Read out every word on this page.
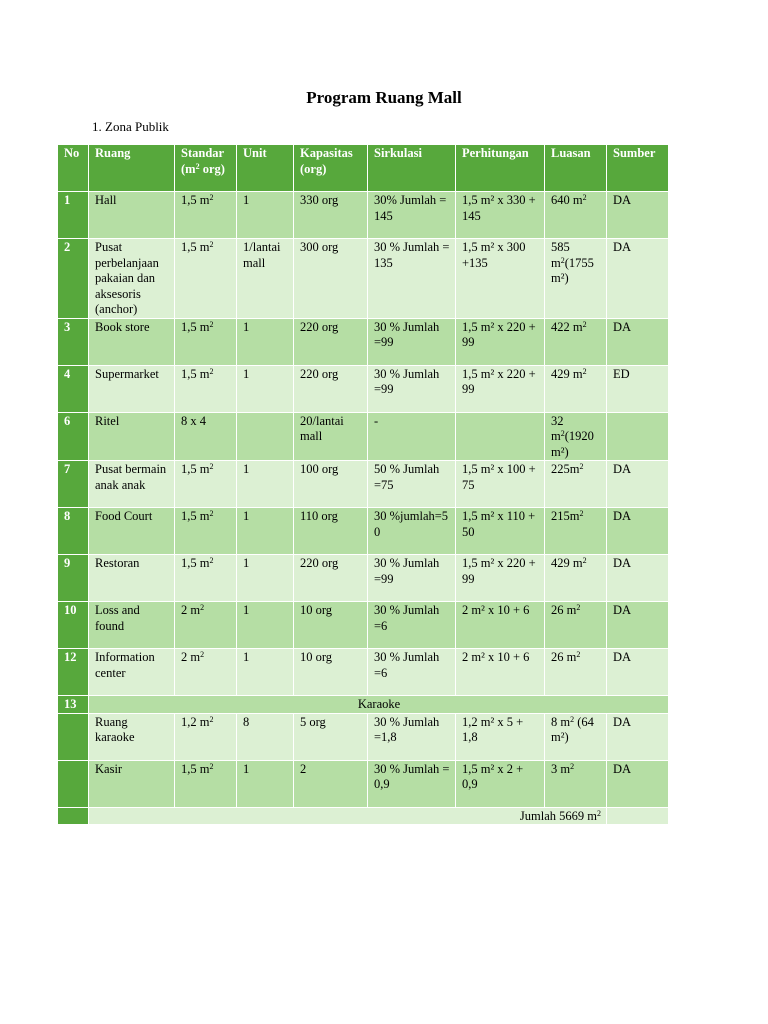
Program Ruang Mall
1. Zona Publik
No	Ruang	Standar ($m^2$ org)	Unit	Kapasitas (org)	Sirkulasi	Perhitungan	Luasan	Sumber
1	Hall	1,5 $m^2$	1	330 org	30% Jumlah = 145	1,5 m² x 330 + 145	640 $m^2$	DA
2	Pusat perbelanjaan pakaian dan aksesoris (anchor)	1,5 $m^2$	1/lantai mall	300 org	30 % Jumlah = 135	1,5 m² x 300 +135	585 $m^2(1755$ m²)	DA
3	Book store	1,5 $m^2$	1	220 org	30 % Jumlah =99	1,5 m² x 220 + 99	422 $m^2$	DA
4	Supermarket	1,5 $m^2$	1	220 org	30 % Jumlah =99	1,5 m² x 220 + 99	429 $m^2$	ED
6	Ritel	8 x 4		20/lantai mall	-		32 $m^2(1920$ m²)	
7	Pusat bermain anak anak	1,5 $m^2$	1	100 org	50 % Jumlah =75	1,5 m² x 100 + 75	$225m^2$	DA
8	Food Court	1,5 $m^2$	1	110 org	30 %jumlah=5 0	1,5 m² x 110 + 50	$215m^2$	DA
9	Restoran	1,5 $m^2$	1	220 org	30 % Jumlah =99	1,5 m² x 220 + 99	429 $m^2$	DA
10	Loss and found	2 $m^2$	1	10 org	30 % Jumlah =6	2 m² x 10 + 6	26 $m^2$	DA
12	Information center	2 $m^2$	1	10 org	30 % Jumlah =6	2 m² x 10 + 6	26 $m^2$	DA
13	Karaoke							
	Ruang karaoke	1,2 $m^2$	8	5 org	30 % Jumlah =1,8	1,2 m² x 5 + 1,8	8 $m^2$ (64 m²)	DA
	Kasir	1,5 $m^2$	1	2	30 % Jumlah = 0,9	1,5 m² x 2 + 0,9	3 $m^2$	DA
	Jumlah 5669 $m^2$	
